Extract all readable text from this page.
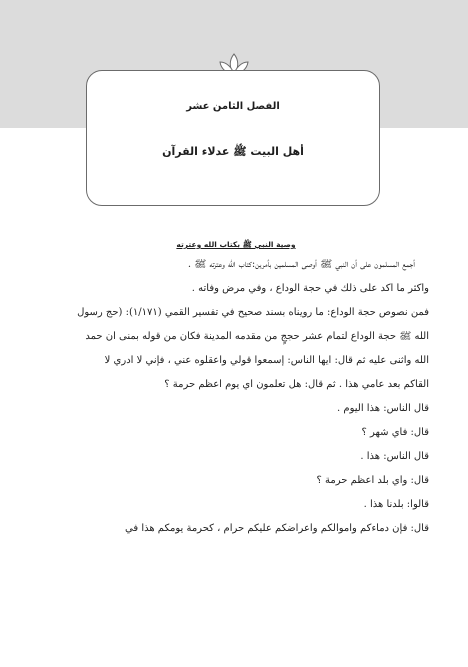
الفصل الثامن عشر
أهل البيت ﷺ عدلاء القرآن
وصية النبي ﷺ بكتاب الله وعترته
أجمع المسلمون على أن النبي ﷺ أوصى المسلمين بأمرين:كتاب الله وعترته ﷺ .
وأكثر ما أكد على ذلك في حجة الوداع ، وفي مرض وفاته .
فمن نصوص حجة الوداع: ما رويناه بسند صحيح في تفسير القمي (١/١٧١): (حج رسول
الله ﷺ حجة الوداع لتمام عشر حججٍ من مقدمه المدينة فكان من قوله بمنى أن حمد
الله وأثنى عليه ثم قال: أيها الناس: إسمعوا قولي واعقلوه عني ، فإني لا أدري لا
ألقاكم بعد عامي هذا . ثم قال: هل تعلمون أي يوم أعظم حرمة ؟
قال الناس: هذا اليوم .
قال: فأي شهر ؟
قال الناس: هذا .
قال: وأي بلد أعظم حرمة ؟
قالوا: بلدنا هذا .
قال: فإن دماءكم وأموالكم وأعراضكم عليكم حرام ، كحرمة يومكم هذا في
